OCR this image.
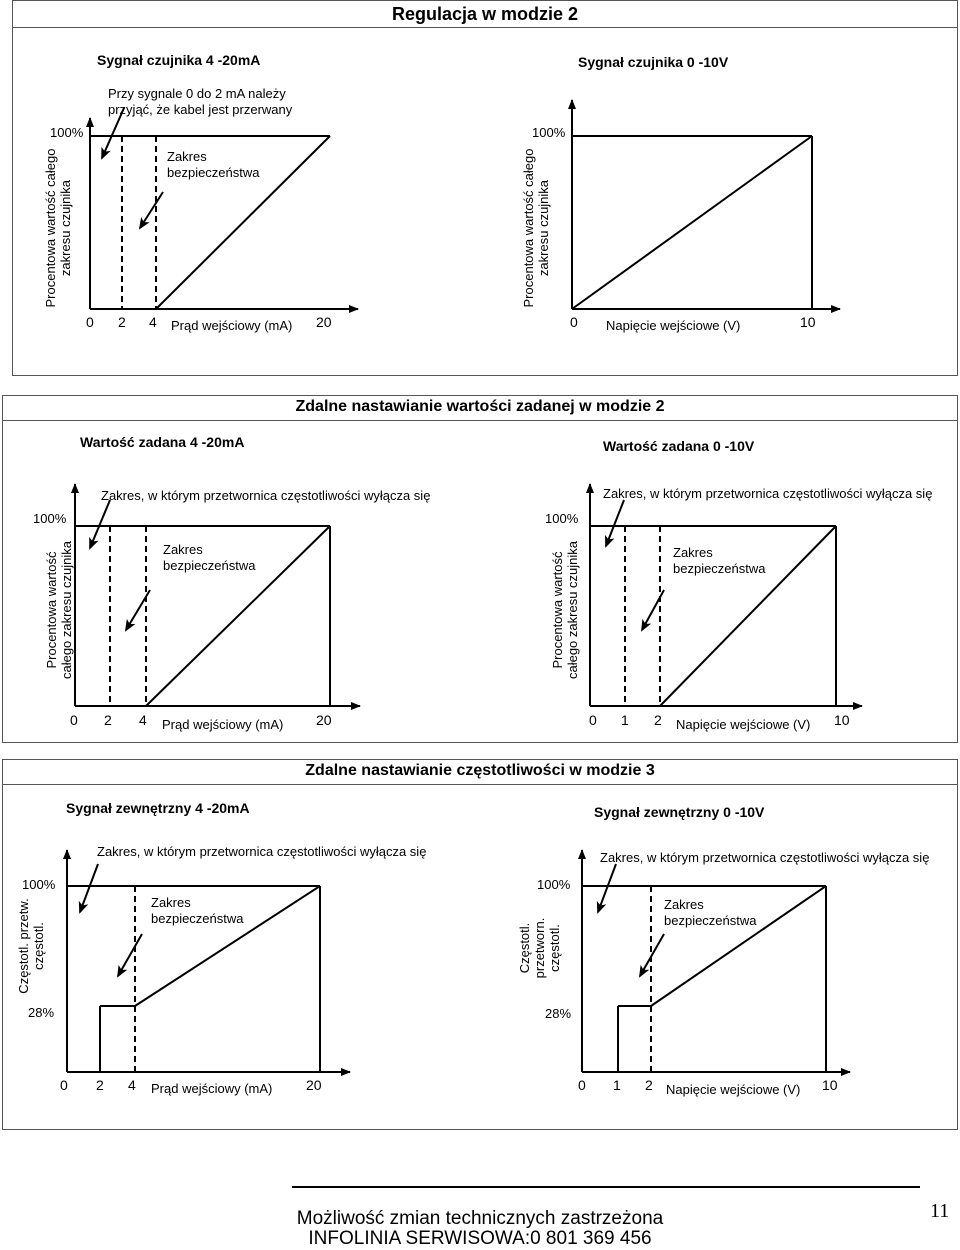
Regulacja w modzie 2
Sygnał czujnika 4 -20mA	Sygnał czujnika 0 -10V
Przy sygnale 0 do 2 mA należy
przyjąć, że kabel jest przerwany
Zakres
bezpieczeństwa
Procentowa wartość całego zakresu czujnika	Procentowa wartość całego zakresu czujnika
100%	100%
0 2 4	20
Prąd wejściowy (mA)	0	10
Napięcie wejściowe (V)
Zdalne nastawianie wartości zadanej w modzie 2
Wartość zadana 4 -20mA	Wartość zadana 0 -10V
Zakres, w którym przetwornica częstotliwości wyłącza się	Zakres, w którym przetwornica częstotliwości wyłącza się
Zakres
bezpieczeństwa
Zakres
bezpieczeństwa
Procentowa wartość całego zakresu czujnika	Procentowa wartość całego zakresu czujnika
100%	100%
0 2 4	20
Prąd wejściowy (mA)	0 1 2	10
Napięcie wejściowe (V)
Zdalne nastawianie częstotliwości w modzie 3
Sygnał zewnętrzny 4 -20mA	Sygnał zewnętrzny 0 -10V
Zakres, w którym przetwornica częstotliwości wyłącza się	Zakres, w którym przetwornica częstotliwości wyłącza się
Zakres
bezpieczeństwa
Zakres
bezpieczeństwa
Częstotl. przetw. częstotl.	Częstotl. przetworn. częstotl.
100%
28%
100%
28%
0 2 4	20
Prąd wejściowy (mA)	0 1 2	10
Napięcie wejściowe (V)
Możliwość zmian technicznych zastrzeżona
INFOLINIA SERWISOWA:0 801 369 456
11
